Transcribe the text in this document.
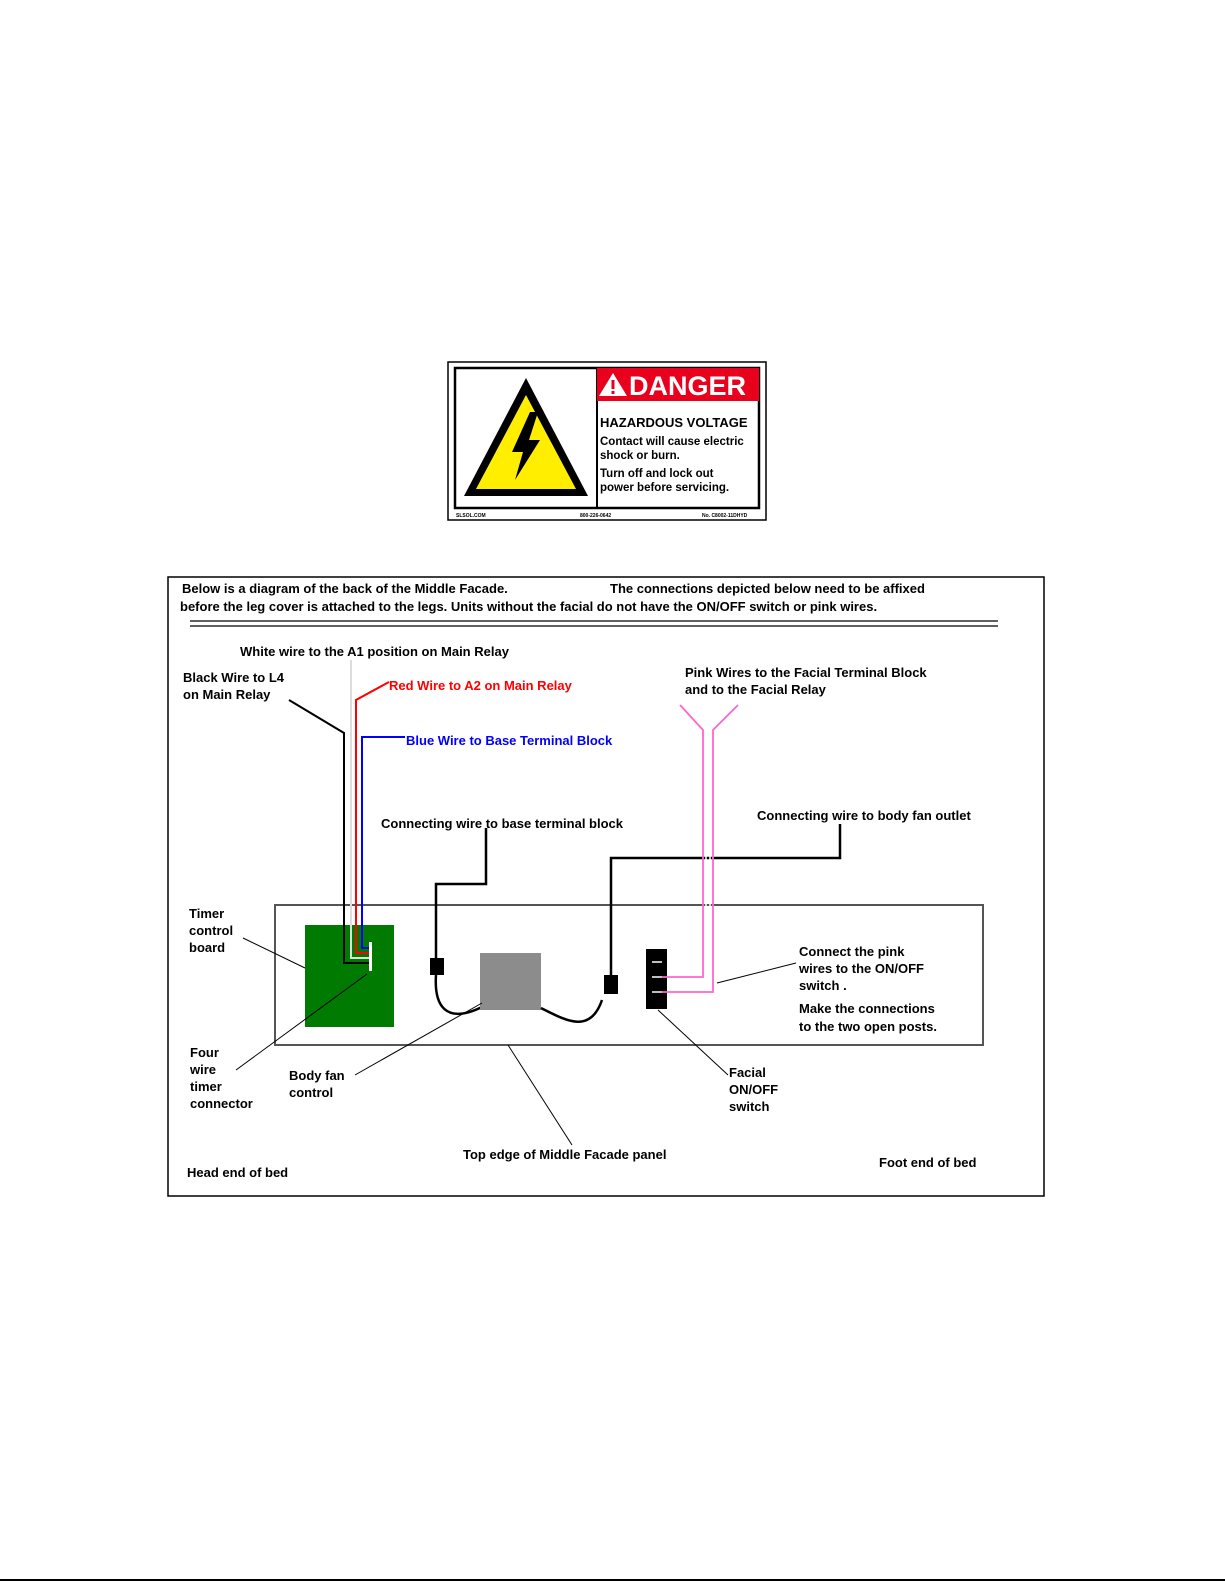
DANGER
HAZARDOUS VOLTAGE
Contact will cause electric
shock or burn.
Turn off and lock out
power before servicing.
SLSOL.COM	800-226-0642	No. C8002-11DHYD
Below is a diagram of the back of the Middle Facade.	The connections depicted below need to be affixed
before the leg cover is attached to the legs. Units without the facial do not have the ON/OFF switch or pink wires.
White wire to the A1 position on Main Relay
Black Wire to L4
on Main Relay
Red Wire to A2 on Main Relay
Blue Wire to Base Terminal Block
Pink Wires to the Facial Terminal Block
and to the Facial Relay
Connecting wire to base terminal block
Connecting wire to body fan outlet
Timer
control
board	Connect the pink
wires to the ON/OFF
switch .
Make the connections
to the two open posts.
Four
wire
timer
connector
Body fan
control
Facial
ON/OFF
switch
Top edge of Middle Facade panel
Head end of bed
Foot end of bed
